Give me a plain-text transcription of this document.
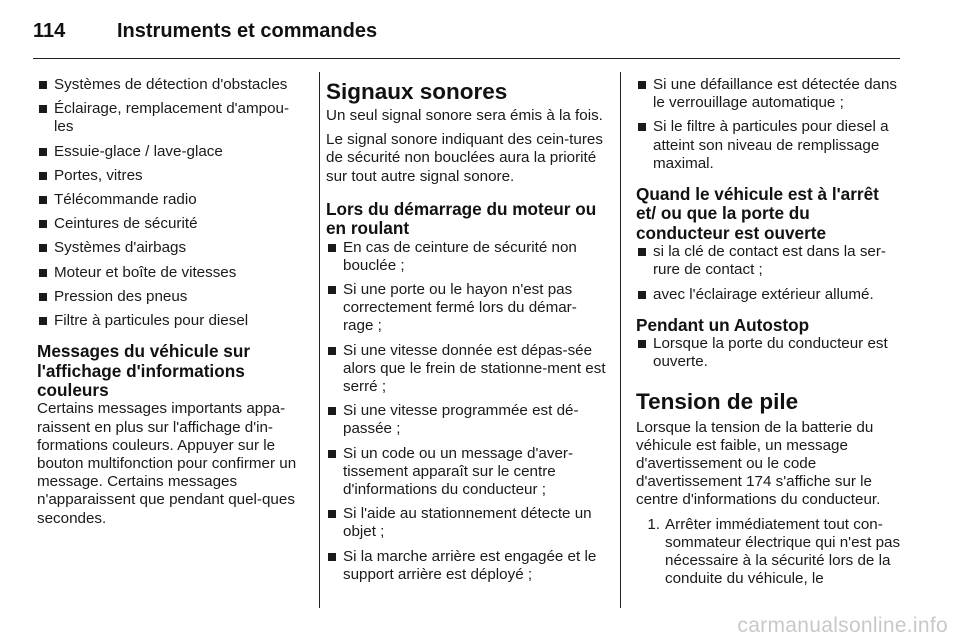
114	Instruments et commandes
Systèmes de détection d'obstacles
Éclairage, remplacement d'ampou-les
Essuie-glace / lave-glace
Portes, vitres
Télécommande radio
Ceintures de sécurité
Systèmes d'airbags
Moteur et boîte de vitesses
Pression des pneus
Filtre à particules pour diesel
Messages du véhicule sur l'affichage d'informations couleurs

Certains messages importants appa-raissent en plus sur l'affichage d'in-formations couleurs. Appuyer sur le bouton multifonction pour confirmer un message. Certains messages n'apparaissent que pendant quel-ques secondes.

Signaux sonores

Un seul signal sonore sera émis à la fois.

Le signal sonore indiquant des cein-tures de sécurité non bouclées aura la priorité sur tout autre signal sonore.

Lors du démarrage du moteur ou en roulant
En cas de ceinture de sécurité non bouclée ;
Si une porte ou le hayon n'est pas correctement fermé lors du démar-rage ;
Si une vitesse donnée est dépas-sée alors que le frein de stationne-ment est serré ;
Si une vitesse programmée est dé-passée ;
Si un code ou un message d'aver-tissement apparaît sur le centre d'informations du conducteur ;
Si l'aide au stationnement détecte un objet ;
Si la marche arrière est engagée et le support arrière est déployé ;
Si une défaillance est détectée dans le verrouillage automatique ;
Si le filtre à particules pour diesel a atteint son niveau de remplissage maximal.
Quand le véhicule est à l'arrêt et/ ou que la porte du conducteur est ouverte
si la clé de contact est dans la ser-rure de contact ;
avec l'éclairage extérieur allumé.
Pendant un Autostop
Lorsque la porte du conducteur est ouverte.
Tension de pile

Lorsque la tension de la batterie du véhicule est faible, un message d'avertissement ou le code d'avertissement 174 s'affiche sur le centre d'informations du conducteur.

1. Arrêter immédiatement tout con-sommateur électrique qui n'est pas nécessaire à la sécurité lors de la conduite du véhicule, le
carmanualsonline.info
